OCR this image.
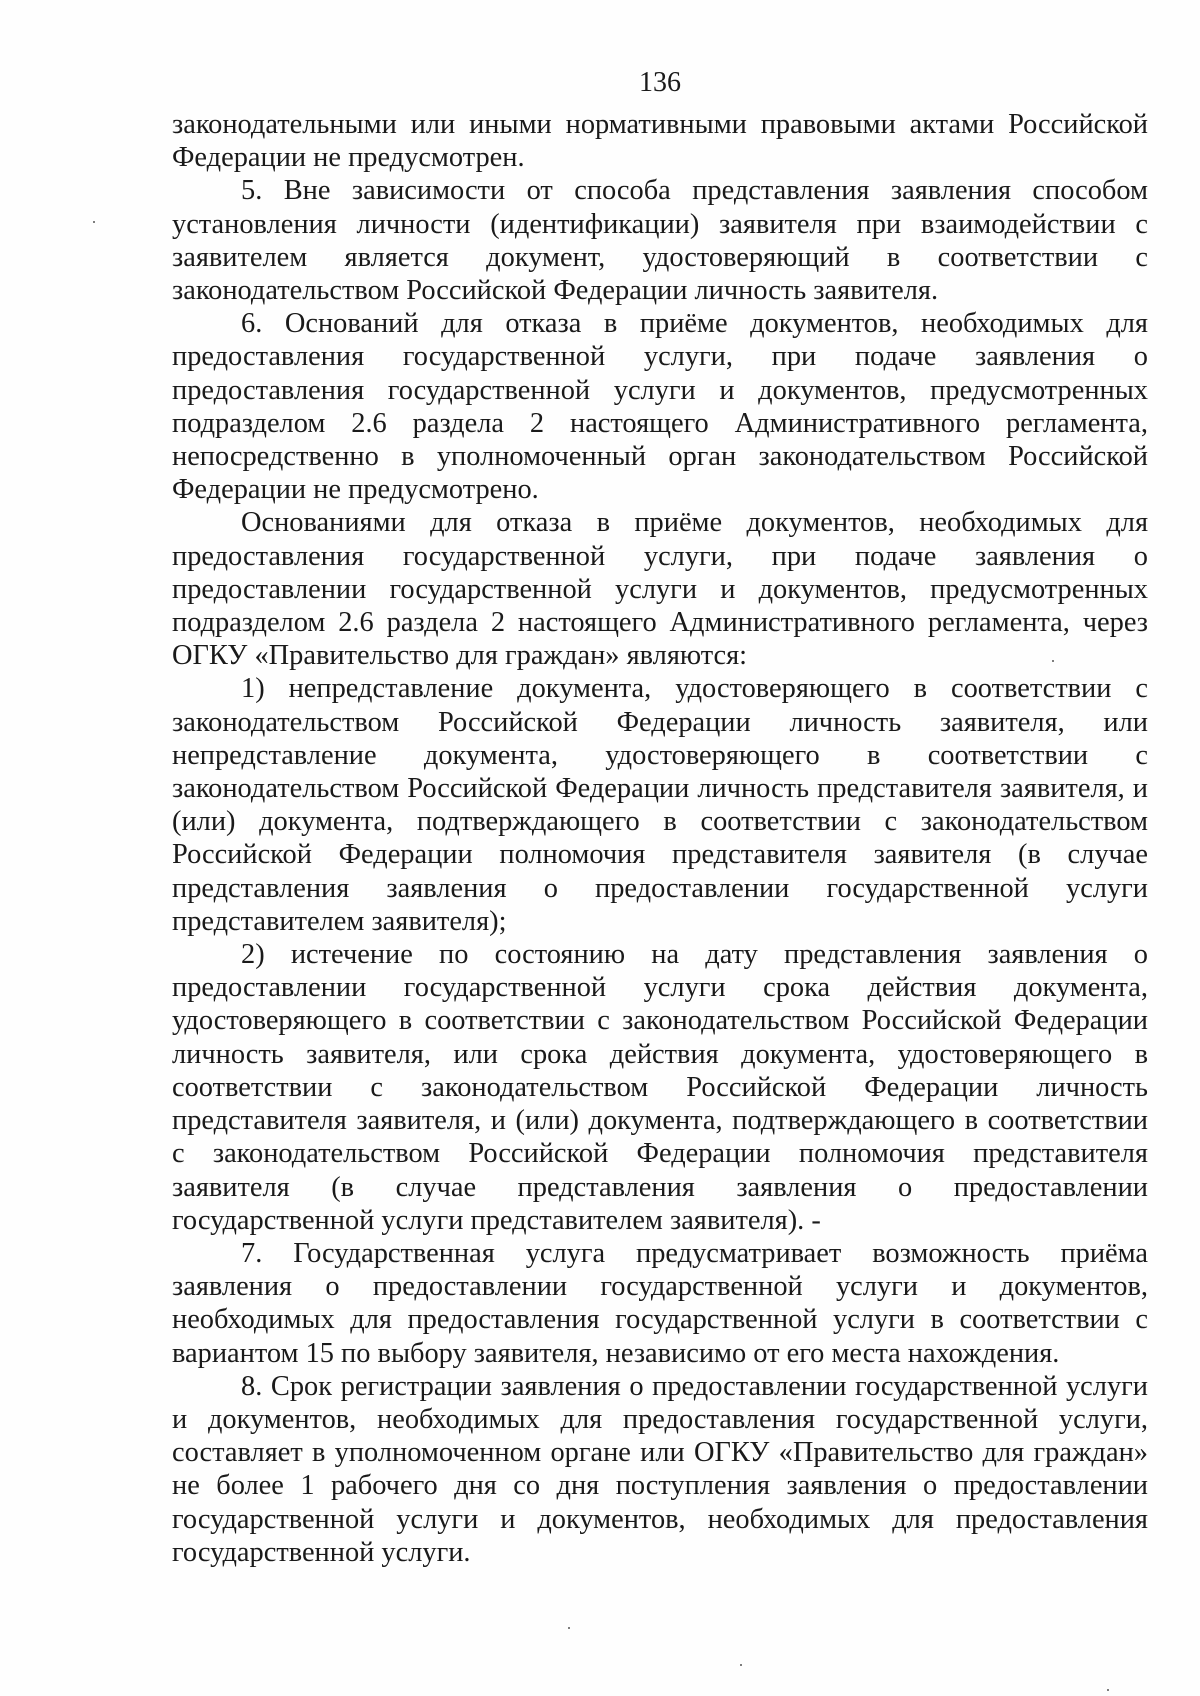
136

законодательными или иными нормативными правовыми актами Российской Федерации не предусмотрен.

5. Вне зависимости от способа представления заявления способом установления личности (идентификации) заявителя при взаимодействии с заявителем является документ, удостоверяющий в соответствии с законодательством Российской Федерации личность заявителя.

6. Оснований для отказа в приёме документов, необходимых для предоставления государственной услуги, при подаче заявления о предоставления государственной услуги и документов, предусмотренных подразделом 2.6 раздела 2 настоящего Административного регламента, непосредственно в уполномоченный орган законодательством Российской Федерации не предусмотрено.

Основаниями для отказа в приёме документов, необходимых для предоставления государственной услуги, при подаче заявления о предоставлении государственной услуги и документов, предусмотренных подразделом 2.6 раздела 2 настоящего Административного регламента, через ОГКУ «Правительство для граждан» являются:

1) непредставление документа, удостоверяющего в соответствии с законодательством Российской Федерации личность заявителя, или непредставление документа, удостоверяющего в соответствии с законодательством Российской Федерации личность представителя заявителя, и (или) документа, подтверждающего в соответствии с законодательством Российской Федерации полномочия представителя заявителя (в случае представления заявления о предоставлении государственной услуги представителем заявителя);

2) истечение по состоянию на дату представления заявления о предоставлении государственной услуги срока действия документа, удостоверяющего в соответствии с законодательством Российской Федерации личность заявителя, или срока действия документа, удостоверяющего в соответствии с законодательством Российской Федерации личность представителя заявителя, и (или) документа, подтверждающего в соответствии с законодательством Российской Федерации полномочия представителя заявителя (в случае представления заявления о предоставлении государственной услуги представителем заявителя). -

7. Государственная услуга предусматривает возможность приёма заявления о предоставлении государственной услуги и документов, необходимых для предоставления государственной услуги в соответствии с вариантом 15 по выбору заявителя, независимо от его места нахождения.

8. Срок регистрации заявления о предоставлении государственной услуги и документов, необходимых для предоставления государственной услуги, составляет в уполномоченном органе или ОГКУ «Правительство для граждан» не более 1 рабочего дня со дня поступления заявления о предоставлении государственной услуги и документов, необходимых для предоставления государственной услуги.
